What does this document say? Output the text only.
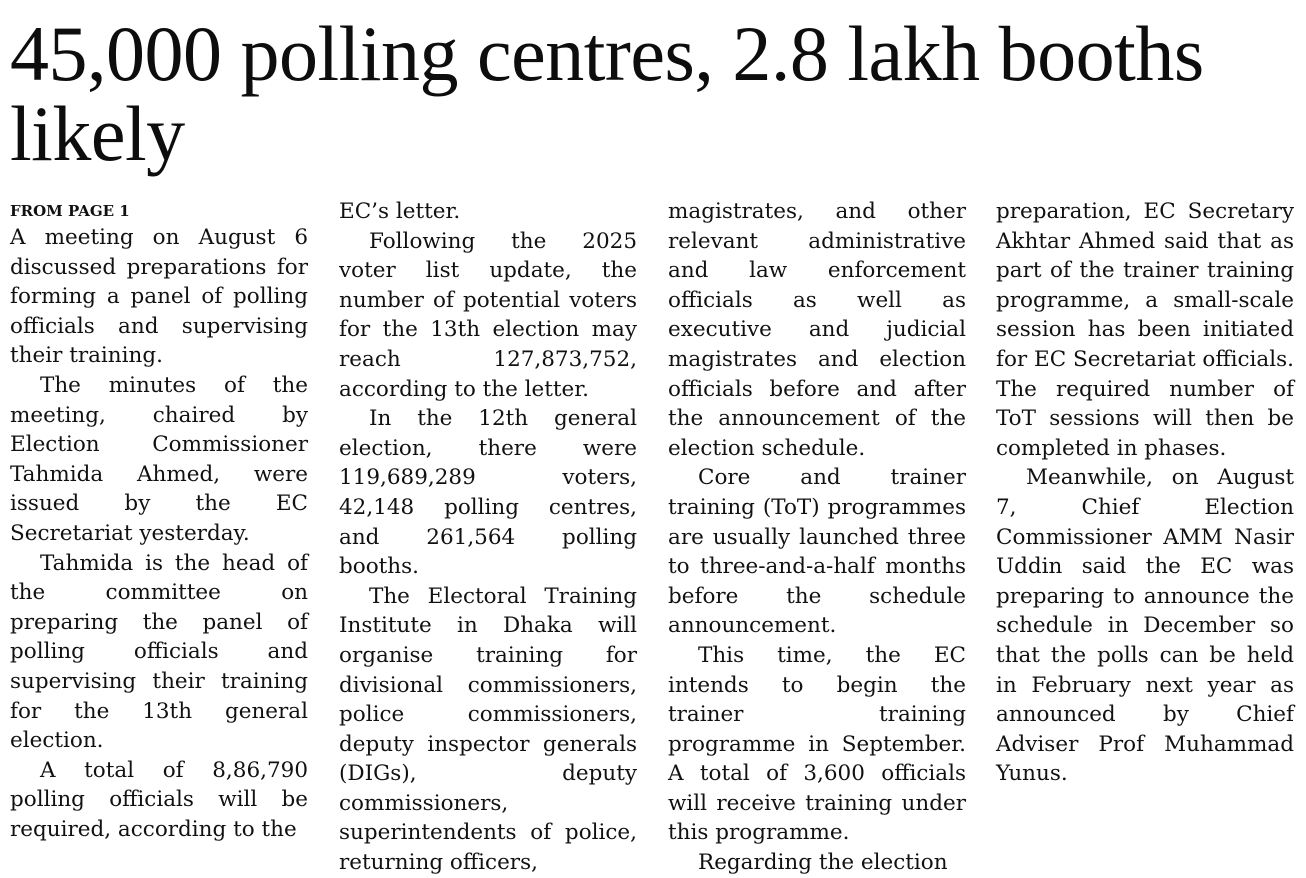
45,000 polling centres, 2.8 lakh booths likely
FROM PAGE 1

A meeting on August 6 discussed preparations for forming a panel of polling officials and supervising their training.

The minutes of the meeting, chaired by Election Commissioner Tahmida Ahmed, were issued by the EC Secretariat yesterday.

Tahmida is the head of the committee on preparing the panel of polling officials and supervising their training for the 13th general election.

A total of 8,86,790 polling officials will be required, according to the

EC’s letter.

Following the 2025 voter list update, the number of potential voters for the 13th election may reach 127,873,752, according to the letter.

In the 12th general election, there were 119,689,289 voters, 42,148 polling centres, and 261,564 polling booths.

The Electoral Training Institute in Dhaka will organise training for divisional commissioners, police commissioners, deputy inspector generals (DIGs), deputy commissioners, superintendents of police, returning officers,

magistrates, and other relevant administrative and law enforcement officials as well as executive and judicial magistrates and election officials before and after the announcement of the election schedule.

Core and trainer training (ToT) programmes are usually launched three to three-and-a-half months before the schedule announcement.

This time, the EC intends to begin the trainer training programme in September. A total of 3,600 officials will receive training under this programme.

Regarding the election

preparation, EC Secretary Akhtar Ahmed said that as part of the trainer training programme, a small-scale session has been initiated for EC Secretariat officials. The required number of ToT sessions will then be completed in phases.

Meanwhile, on August 7, Chief Election Commissioner AMM Nasir Uddin said the EC was preparing to announce the schedule in December so that the polls can be held in February next year as announced by Chief Adviser Prof Muhammad Yunus.
